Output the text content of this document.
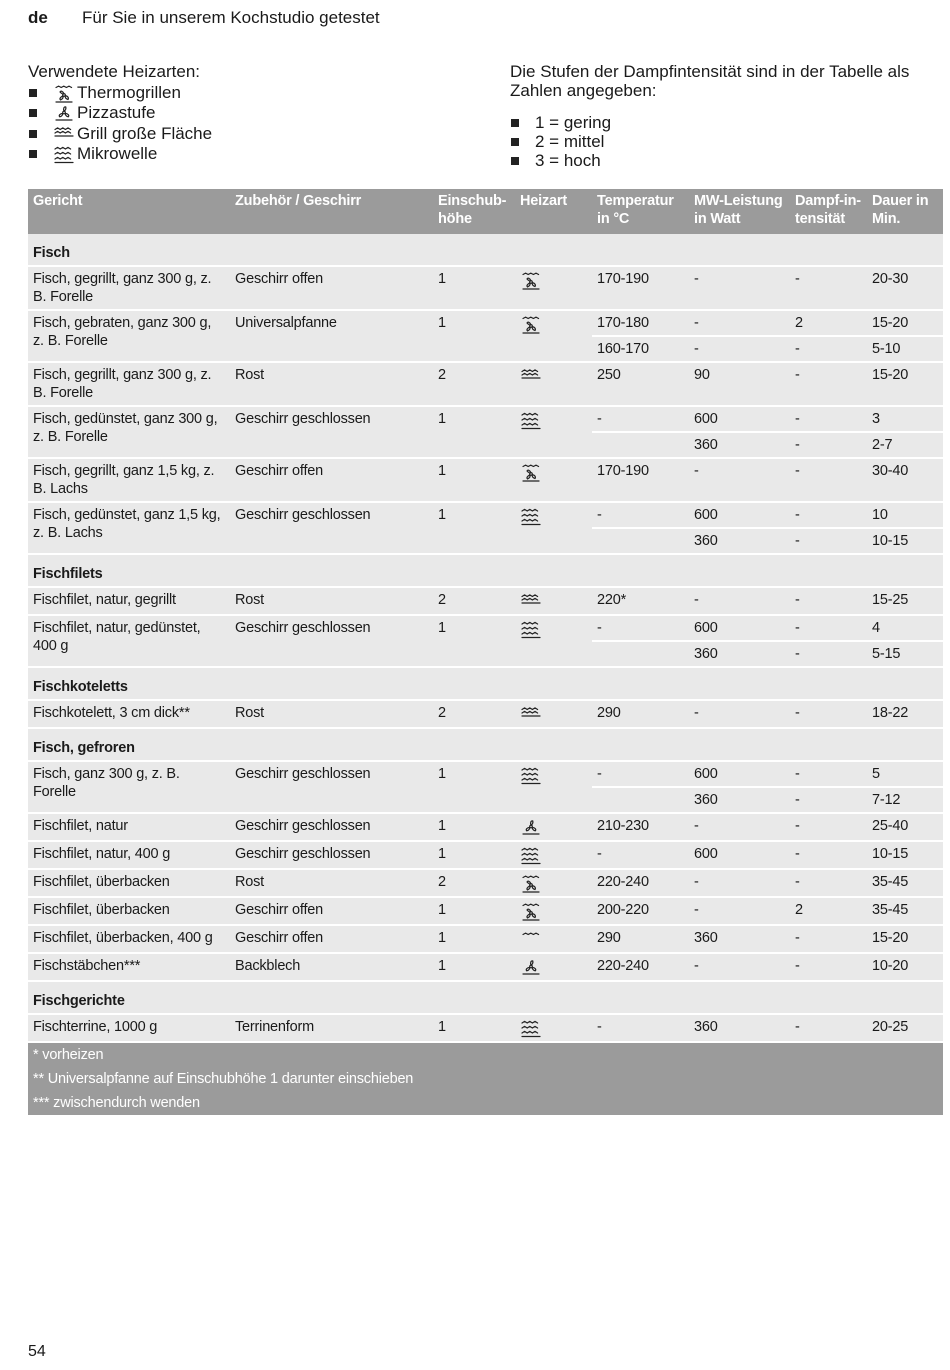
de Für Sie in unserem Kochstudio getestet
Verwendete Heizarten:
Thermogrillen
Pizzastufe
Grill große Fläche
Mikrowelle
Die Stufen der Dampfintensität sind in der Tabelle als Zahlen angegeben:
1 = gering
2 = mittel
3 = hoch
Gericht	Zubehör / Geschirr	Einschub-höhe	Heizart	Temperatur in °C	MW-Leistung in Watt	Dampf-in-tensität	Dauer in Min.
Fisch							
Fisch, gegrillt, ganz 300 g, z. B. Forelle	Geschirr offen	1		170-190	-	-	20-30
Fisch, gebraten, ganz 300 g, z. B. Forelle	Universalpfanne	1		170-180	-	2	15-20
				160-170	-	-	5-10
Fisch, gegrillt, ganz 300 g, z. B. Forelle	Rost	2		250	90	-	15-20
Fisch, gedünstet, ganz 300 g, z. B. Forelle	Geschirr geschlossen	1		-	600	-	3
					360	-	2-7
Fisch, gegrillt, ganz 1,5 kg, z. B. Lachs	Geschirr offen	1		170-190	-	-	30-40
Fisch, gedünstet, ganz 1,5 kg, z. B. Lachs	Geschirr geschlossen	1		-	600	-	10
					360	-	10-15
Fischfilets							
Fischfilet, natur, gegrillt	Rost	2		220*	-	-	15-25
Fischfilet, natur, gedünstet, 400 g	Geschirr geschlossen	1		-	600	-	4
					360	-	5-15
Fischkoteletts							
Fischkotelett, 3 cm dick**	Rost	2		290	-	-	18-22
Fisch, gefroren							
Fisch, ganz 300 g, z. B. Forelle	Geschirr geschlossen	1		-	600	-	5
					360	-	7-12
Fischfilet, natur	Geschirr geschlossen	1		210-230	-	-	25-40
Fischfilet, natur, 400 g	Geschirr geschlossen	1		-	600	-	10-15
Fischfilet, überbacken	Rost	2		220-240	-	-	35-45
Fischfilet, überbacken	Geschirr offen	1		200-220	-	2	35-45
Fischfilet, überbacken, 400 g	Geschirr offen	1		290	360	-	15-20
Fischstäbchen***	Backblech	1		220-240	-	-	10-20
Fischgerichte							
Fischterrine, 1000 g	Terrinenform	1		-	360	-	20-25
* vorheizen							
** Universalpfanne auf Einschubhöhe 1 darunter einschieben							
*** zwischendurch wenden							
54
